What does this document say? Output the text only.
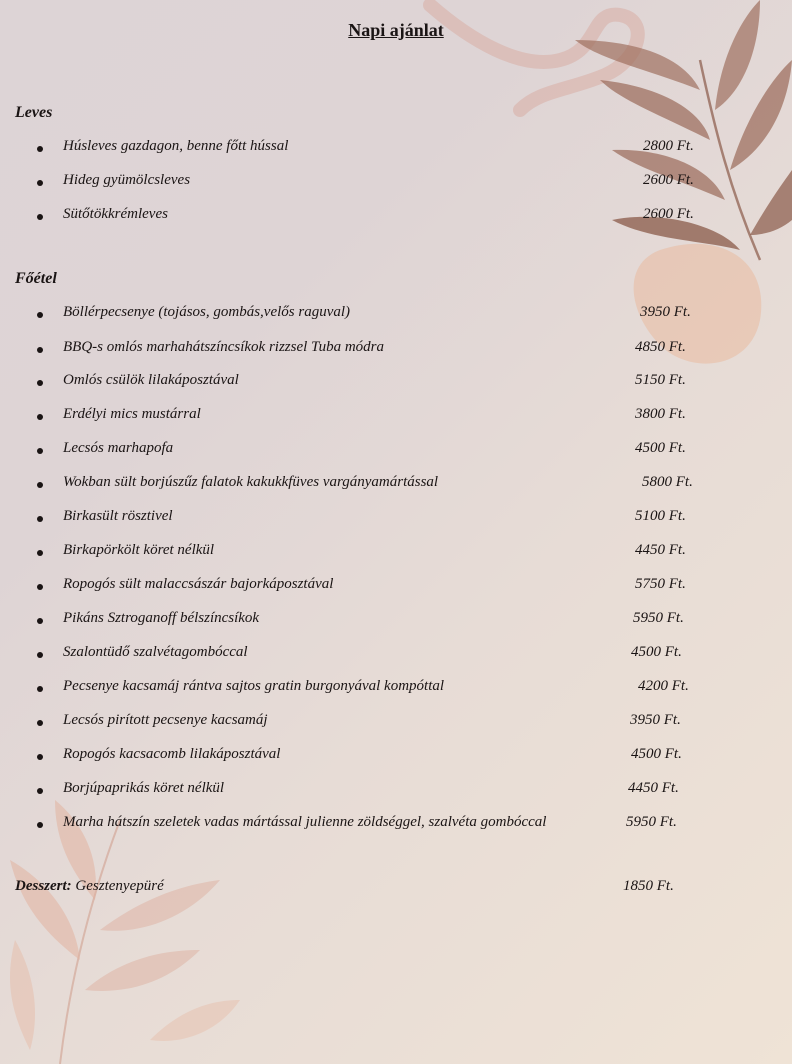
Napi ajánlat
Leves
Húsleves gazdagon, benne főtt hússal	2800 Ft.
Hideg gyümölcsleves	2600 Ft.
Sütőtökkrémleves	2600 Ft.
Főétel
Böllérpecsenye (tojásos, gombás,velős raguval)	3950 Ft.
BBQ-s omlós marhahátszíncsíkok rizzsel Tuba módra	4850 Ft.
Omlós csülök lilakáposztával	5150 Ft.
Erdélyi mics mustárral	3800 Ft.
Lecsós marhapofa	4500 Ft.
Wokban sült borjúszűz falatok kakukkfüves vargányamártással	5800 Ft.
Birkasült rösztivel	5100 Ft.
Birkapörkölt köret nélkül	4450 Ft.
Ropogós sült malaccsászár bajorkáposztával	5750 Ft.
Pikáns Sztroganoff bélszíncsíkok	5950 Ft.
Szalontüdő szalvétagombóccal	4500 Ft.
Pecsenye kacsamáj rántva sajtos gratin burgonyával kompóttal	4200 Ft.
Lecsós pirított pecsenye kacsamáj	3950 Ft.
Ropogós kacsacomb lilakáposztával	4500 Ft.
Borjúpaprikás köret nélkül	4450 Ft.
Marha hátszín szeletek vadas mártással julienne zöldséggel, szalvéta gombóccal	5950 Ft.
Desszert: Gesztenyepüré	1850 Ft.
